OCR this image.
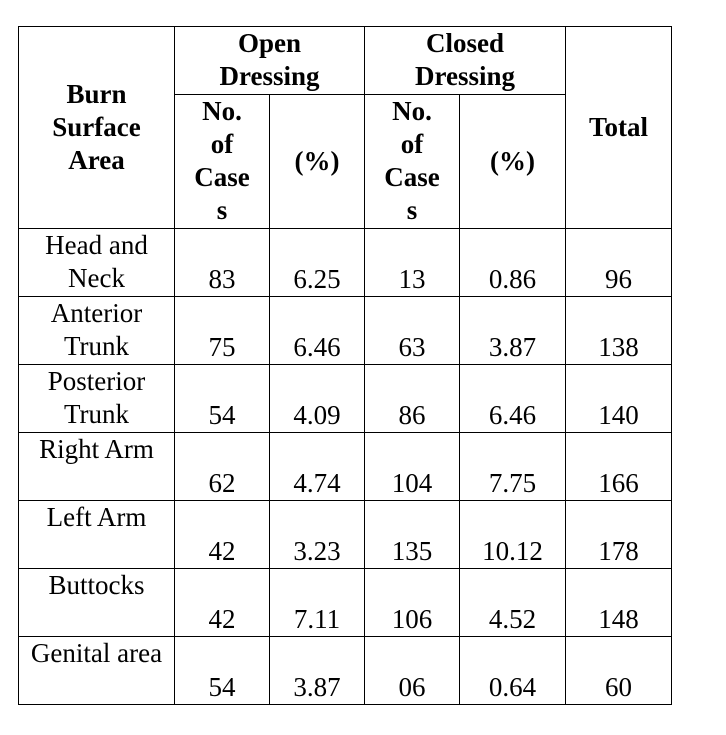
Burn Surface Area	Open Dressing		Closed Dressing		Total
	No. of Case s	(%)	No. of Case s	(%)	

Head and Neck	83	6.25	13	0.86	96

Anterior Trunk	75	6.46	63	3.87	138

Posterior Trunk	54	4.09	86	6.46	140

Right Arm	62	4.74	104	7.75	166

Left Arm	42	3.23	135	10.12	178

Buttocks	42	7.11	106	4.52	148

Genital area	54	3.87	06	0.64	60
